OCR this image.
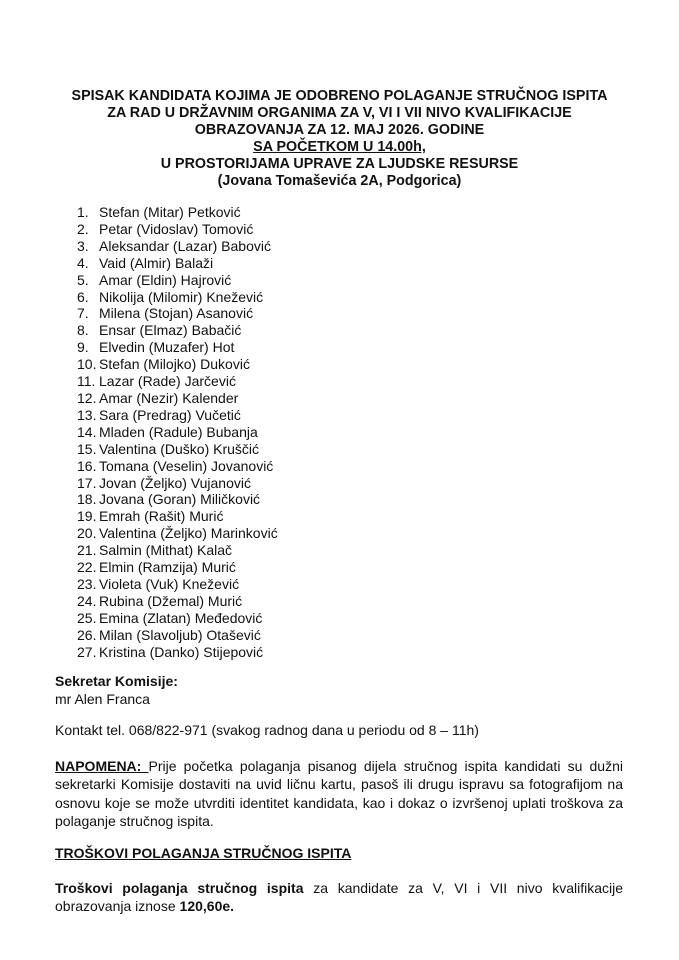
SPISAK KANDIDATA KOJIMA JE ODOBRENO POLAGANJE STRUČNOG ISPITA
ZA RAD U DRŽAVNIM ORGANIMA ZA V, VI I VII NIVO KVALIFIKACIJE
OBRAZOVANJA ZA 12. MAJ 2026. GODINE
SA POČETKOM U 14.00h,
U PROSTORIJAMA UPRAVE ZA LJUDSKE RESURSE
(Jovana Tomaševića 2A, Podgorica)
1. Stefan (Mitar) Petković
2. Petar (Vidoslav) Tomović
3. Aleksandar (Lazar) Babović
4. Vaid (Almir) Balaži
5. Amar (Eldin) Hajrović
6. Nikolija (Milomir) Knežević
7. Milena (Stojan) Asanović
8. Ensar (Elmaz) Babačić
9. Elvedin (Muzafer) Hot
10. Stefan (Milojko) Duković
11. Lazar (Rade) Jarčević
12. Amar (Nezir) Kalender
13. Sara (Predrag) Vučetić
14. Mladen (Radule) Bubanja
15. Valentina (Duško) Kruščić
16. Tomana (Veselin) Jovanović
17. Jovan (Željko) Vujanović
18. Jovana (Goran) Miličković
19. Emrah (Rašit) Murić
20. Valentina (Željko) Marinković
21. Salmin (Mithat) Kalač
22. Elmin (Ramzija) Murić
23. Violeta (Vuk) Knežević
24. Rubina (Džemal) Murić
25. Emina (Zlatan) Međedović
26. Milan (Slavoljub) Otašević
27. Kristina (Danko) Stijepović
Sekretar Komisije:
mr Alen Franca
Kontakt tel. 068/822-971 (svakog radnog dana u periodu od 8 – 11h)
NAPOMENA: Prije početka polaganja pisanog dijela stručnog ispita kandidati su dužni sekretarki Komisije dostaviti na uvid ličnu kartu, pasoš ili drugu ispravu sa fotografijom na osnovu koje se može utvrditi identitet kandidata, kao i dokaz o izvršenoj uplati troškova za polaganje stručnog ispita.
TROŠKOVI POLAGANJA STRUČNOG ISPITA
Troškovi polaganja stručnog ispita za kandidate za V, VI i VII nivo kvalifikacije obrazovanja iznose 120,60e.
